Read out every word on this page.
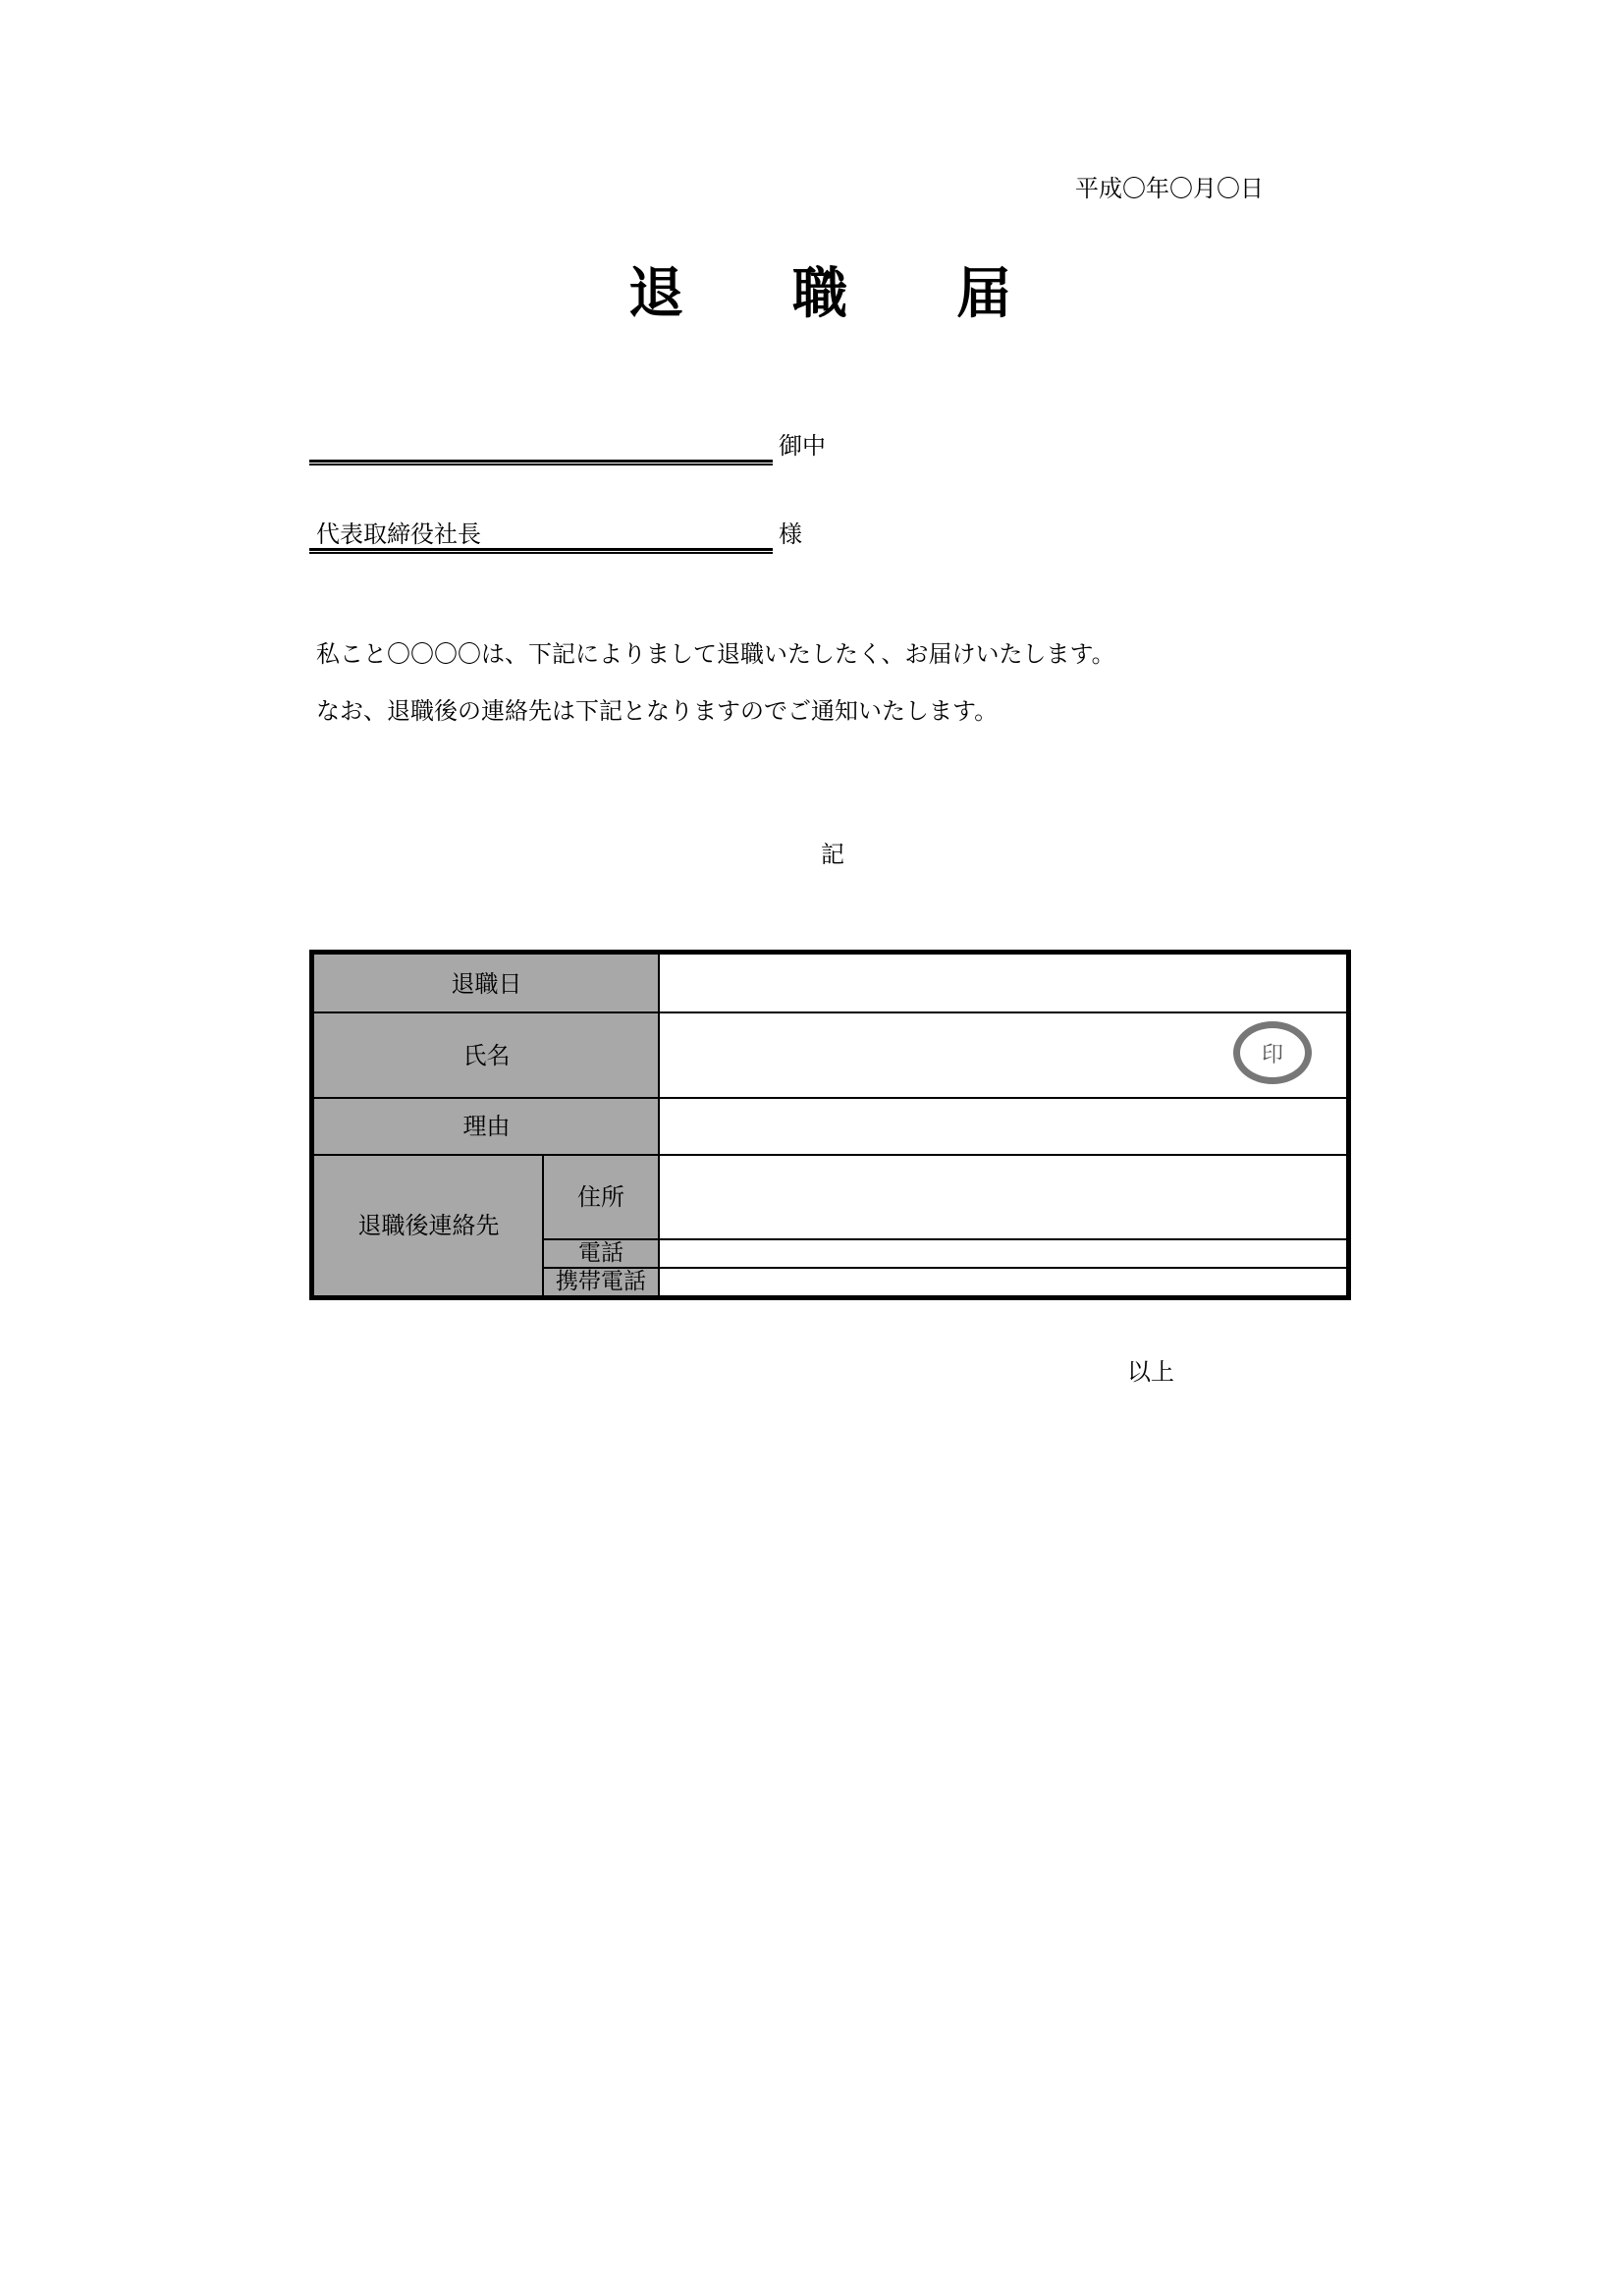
平成〇年〇月〇日
退 職 届
御中
代表取締役社長	様
私こと〇〇〇〇は、下記によりまして退職いたしたく、お届けいたします。
なお、退職後の連絡先は下記となりますのでご通知いたします。
記
退職日
氏名
理由
退職後連絡先
住所
電話
携帯電話
印
以上
